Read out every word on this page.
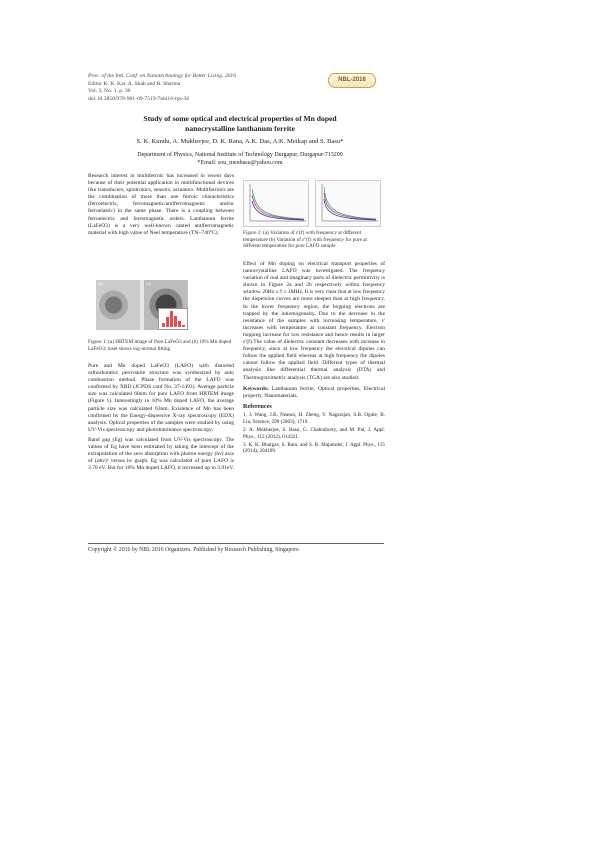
Proc. of the Intl. Conf. on Nanotechnology for Better Living, 2016
Editor K. K. Kar, A. Shah and R. Sharma
Vol. 3, No. 1, p. 36
doi:10.3850/978-981-09-7519-7nbl16-rps-36
NBL-2016
Study of some optical and electrical properties of Mn doped
nanocrystalline lanthanum ferrite
S. K. Kundu, A. Mukherjee, D. K. Rana, A.K. Das, A.K. Meikap and S. Basu*
Department of Physics, National Institute of Technology Durgapur, Durgapur-713209
*Email: sou_menbasu@yahoo.com

Research interest in multiferroic has increased in recent days because of their potential application in multifunctional devices like transducers, spintronics, sensors, actuators. Multiferroics are the combination of more than one ferroic characteristics (ferroelectric, ferromagnetic/antiferromagnetic and/or ferroelastic) in the same phase. There is a coupling between ferroelectric and ferromagnetic orders. Lanthanum ferrite (LaFeO3) is a very well-known canted antiferromagnetic material with high value of Neel temperature (TN~740°C).

(a)	(b)
Figure 1: (a) HRTEM image of Pure LaFeO3 and (b) 10% Mn doped LaFeO3; inset shows log-normal fitting

Pure and Mn doped LaFeO3 (LAFO) with distorted orthorhombic perovskite structure was synthesized by auto combustion method. Phase formation of the LAFO was confirmed by XRD (JCPDS card No. 37-1493). Average particle size was calculated 68nm for pure LAFO from HRTEM image (Figure 1). Interestingly in 10% Mn doped LAFO, the average particle size was calculated 63nm. Existence of Mn has been confirmed by the Energy-dispersive X-ray spectroscopy (EDX) analysis. Optical properties of the samples were studied by using UV-Vis spectroscopy and photoluminance spectroscopy.

Band gap (Eg) was calculated from UV-Vis spectroscopy. The values of Eg have been estimated by taking the intercept of the extrapolation of the zero absorption with photon energy (hν) axis of (αhν)² versus hν graph. Eg was calculated of pure LAFO is 3.70 eV. But for 10% Mn doped LAFO, it increased up to 3.91eV.

Figure 2: (a) Variation of ε'(f) with frequency at different temperature (b) Variation of ε''(f) with frequency for pure at different temperature for pure LAFO sample

Effect of Mn doping on electrical transport properties of nanocrystalline LAFO was investigated. The frequency variation of real and imaginary parts of dielectric permittivity is shown in Figure 2a and 2b respectively within frequency window 20Hz ≤ f ≤ 1MHz. It is very clear that at low frequency the dispersion curves are more steepen than at high frequency. In the lower frequency region, the hopping electrons are trapped by the inhomogeneity. Due to the decrease in the resistance of the samples with increasing temperature, ε' increases with temperature at constant frequency. Electron hopping increase for low resistance and hence results in larger ε'(f).The value of dielectric constant decreases with increase in frequency, since at low frequency the electrical dipoles can follow the applied field whereas at high frequency the dipoles cannot follow the applied field. Different types of thermal analysis like differential thermal analysis (DTA) and Thermogravimetric analysis (TGA) are also studied.

Keywords: Lanthanum ferrite, Optical properties, Electrical property, Nanomaterials.

References
1. J. Wang, J.B. Neaton, H. Zheng, V. Nagarajan, S.B. Ogale, B. Liu, Science, 299 (2003), 1719.
2. A. Mukherjee, S. Basu, G. Chakraborty, and M. Pal, J. Appl. Phys., 112 (2012), 014321.
3. K. K. Bhargav, S. Ram, and S. B. Majumder, J. Appl. Phys., 115 (2014), 204109.
Copyright © 2016 by NBL 2016 Organizers. Published by Research Publishing, Singapore.
